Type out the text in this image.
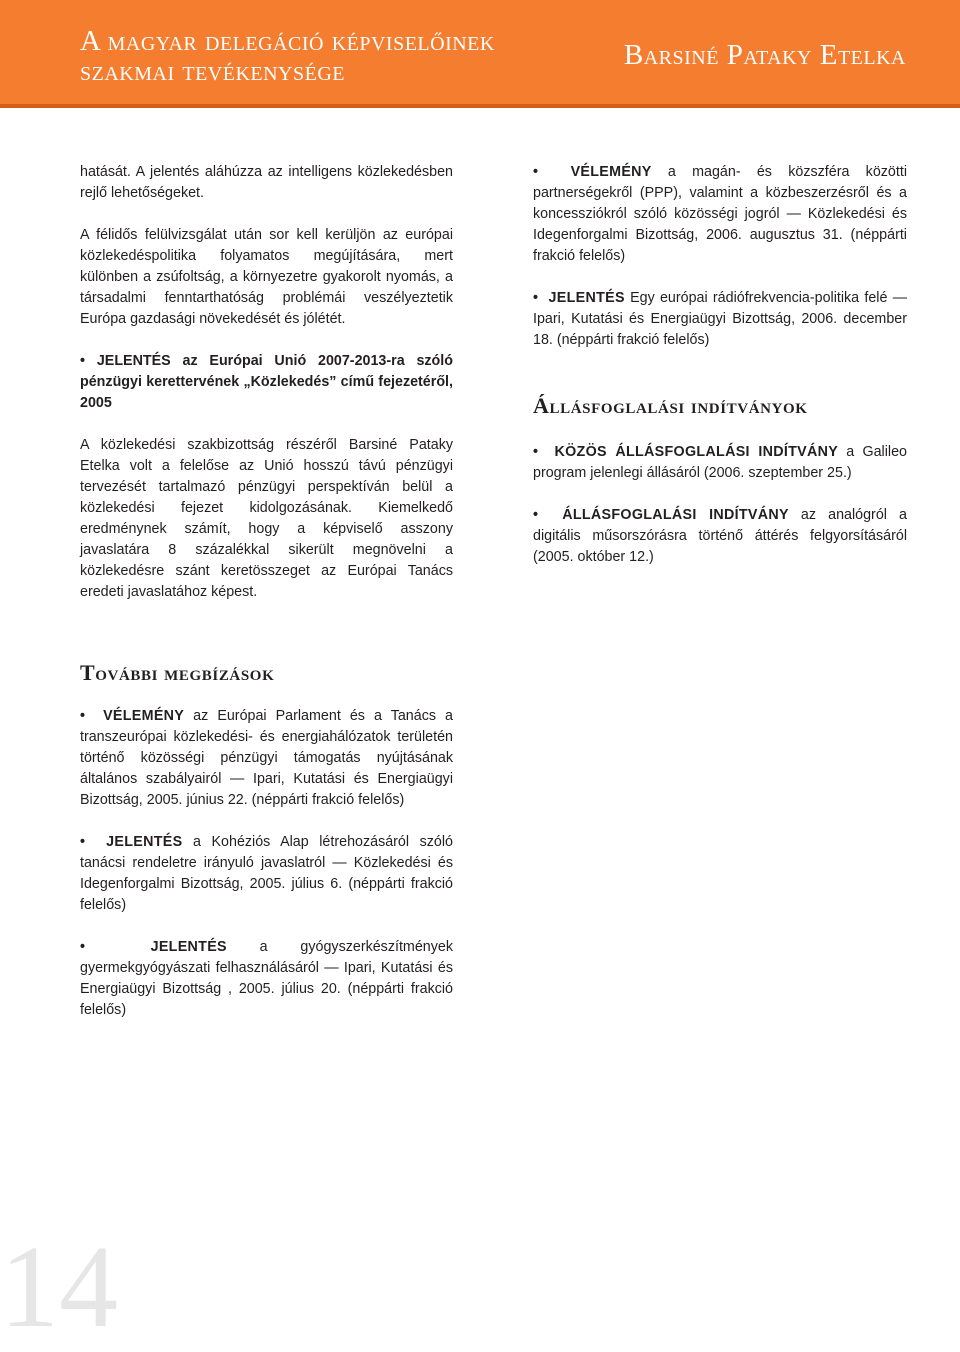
A magyar delegáció képviselőinek
szakmai tevékenysége	Barsiné Pataky Etelka

hatását. A jelentés aláhúzza az intelligens közlekedésben rejlő lehetőségeket.

A félidős felülvizsgálat után sor kell kerüljön az európai közlekedéspolitika folyamatos megújítására, mert különben a zsúfoltság, a környezetre gyakorolt nyomás, a társadalmi fenntarthatóság problémái veszélyeztetik Európa gazdasági növekedését és jólétét.

• JELENTÉS az Európai Unió 2007-2013-ra szóló pénzügyi kerettervének „Közlekedés” című fejezetéről, 2005

A közlekedési szakbizottság részéről Barsiné Pataky Etelka volt a felelőse az Unió hosszú távú pénzügyi tervezését tartalmazó pénzügyi perspektíván belül a közlekedési fejezet kidolgozásának. Kiemelkedő eredménynek számít, hogy a képviselő asszony javaslatára 8 százalékkal sikerült megnövelni a közlekedésre szánt keretösszeget az Európai Tanács eredeti javaslatához képest.

• VÉLEMÉNY a magán- és közszféra közötti partnerségekről (PPP), valamint a közbeszerzésről és a koncessziókról szóló közösségi jogról ― Közlekedési és Idegenforgalmi Bizottság, 2006. augusztus 31. (néppárti frakció felelős)

• JELENTÉS Egy európai rádiófrekvencia-politika felé ― Ipari, Kutatási és Energiaügyi Bizottság, 2006. december 18. (néppárti frakció felelős)

Állásfoglalási indítványok

• KÖZÖS ÁLLÁSFOGLALÁSI INDÍTVÁNY a Galileo program jelenlegi állásáról (2006. szeptember 25.)

• ÁLLÁSFOGLALÁSI INDÍTVÁNY az analógról a digitális műsorszórásra történő áttérés felgyorsításáról (2005. október 12.)

További megbízások

• VÉLEMÉNY az Európai Parlament és a Tanács a transzeurópai közlekedési- és energiahálózatok területén történő közösségi pénzügyi támogatás nyújtásának általános szabályairól ― Ipari, Kutatási és Energiaügyi Bizottság, 2005. június 22. (néppárti frakció felelős)

• JELENTÉS a Kohéziós Alap létrehozásáról szóló tanácsi rendeletre irányuló javaslatról ― Közlekedési és Idegenforgalmi Bizottság, 2005. július 6. (néppárti frakció felelős)

•	JELENTÉS a gyógyszerkészítmények gyermekgyógyászati felhasználásáról ― Ipari, Kutatási és Energiaügyi Bizottság , 2005. július 20. (néppárti frakció felelős)

14
